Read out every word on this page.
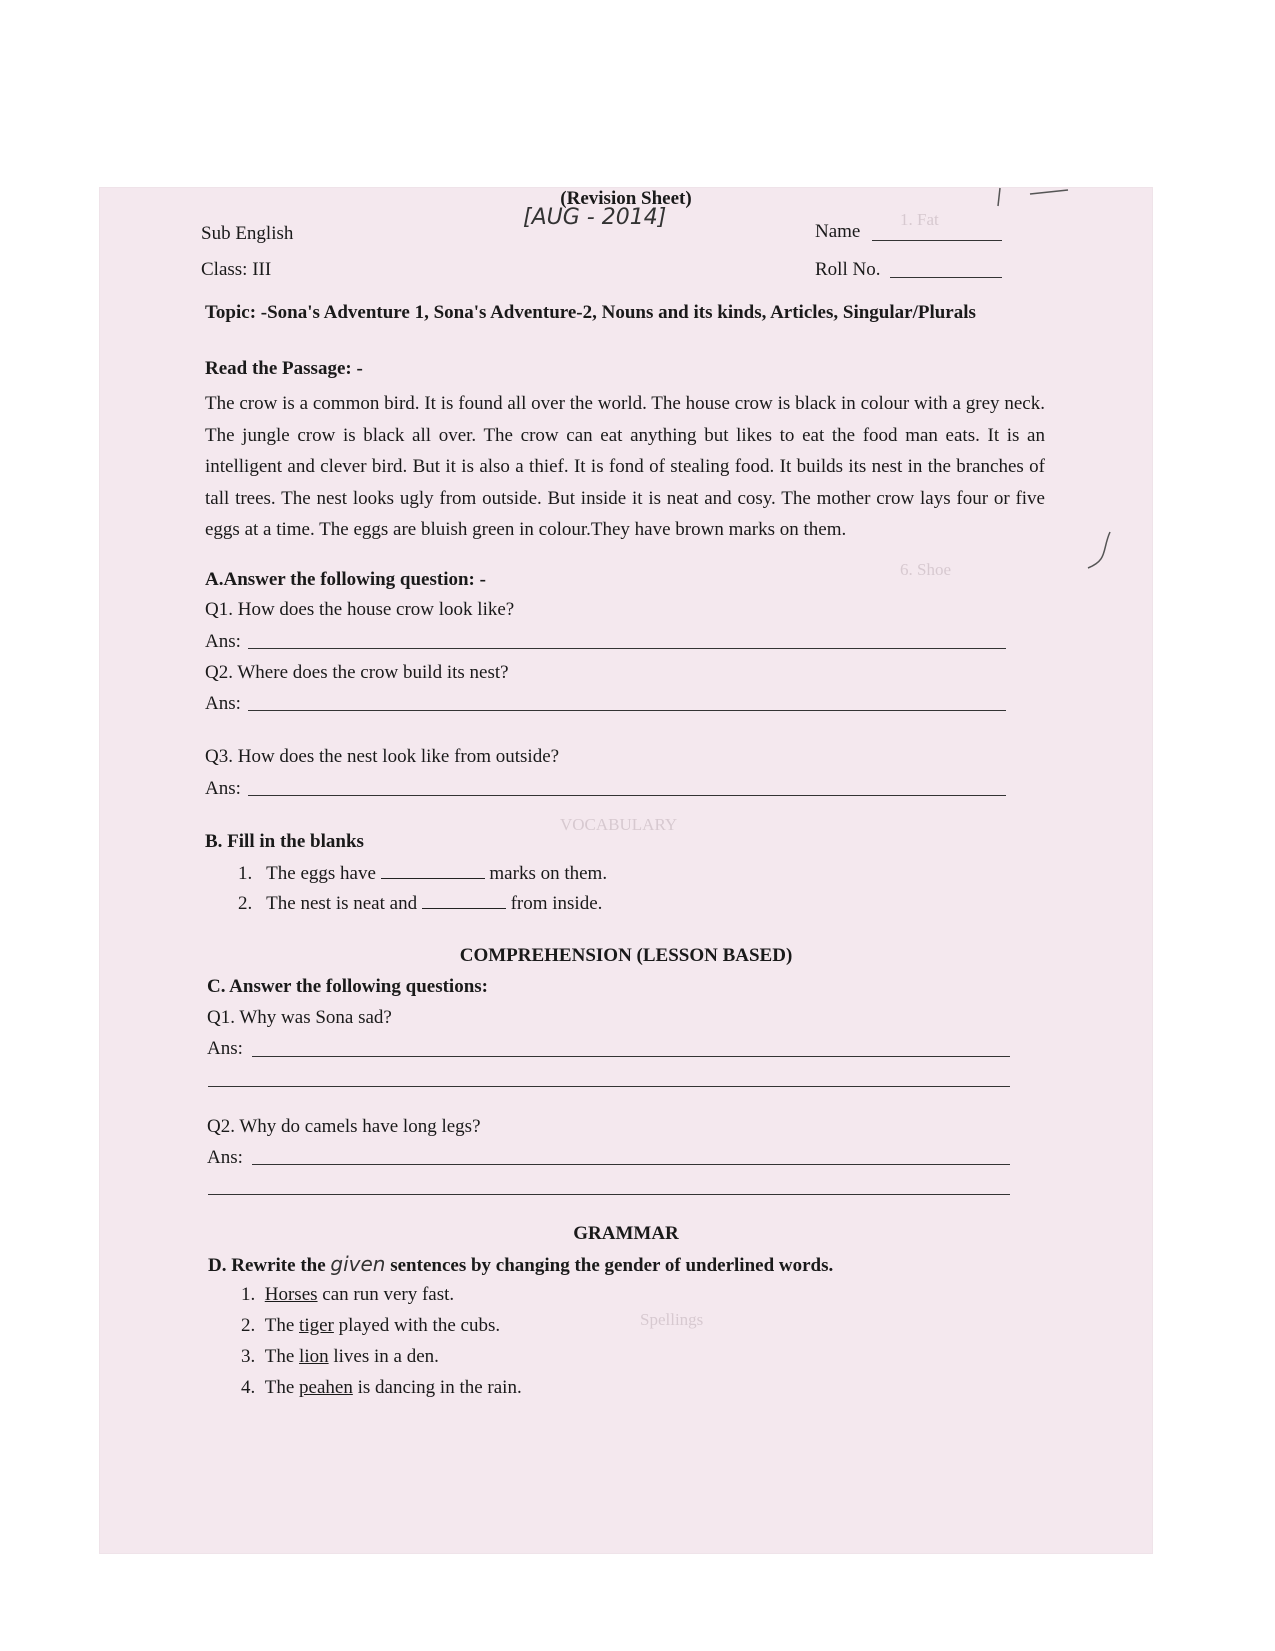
1. Fat
6. Shoe
VOCABULARY
Spellings
(Revision Sheet)
[AUG - 2014]
Sub English
Class: III
Name
Roll No.
Topic: -Sona's Adventure 1, Sona's Adventure-2, Nouns and its kinds, Articles, Singular/Plurals
Read the Passage: -
The crow is a common bird. It is found all over the world. The house crow is black in colour with a grey neck. The jungle crow is black all over. The crow can eat anything but likes to eat the food man eats. It is an intelligent and clever bird. But it is also a thief. It is fond of stealing food. It builds its nest in the branches of tall trees. The nest looks ugly from outside. But inside it is neat and cosy. The mother crow lays four or five eggs at a time. The eggs are bluish green in colour.They have brown marks on them.
A.Answer the following question: -
Q1. How does the house crow look like?
Ans:
Q2. Where does the crow build its nest?
Ans:
Q3. How does the nest look like from outside?
Ans:
B. Fill in the blanks
1. The eggs have	marks on them.
2. The nest is neat and	from inside.
COMPREHENSION (LESSON BASED)
C. Answer the following questions:
Q1. Why was Sona sad?
Ans:
Q2. Why do camels have long legs?
Ans:
GRAMMAR
D. Rewrite the given sentences by changing the gender of underlined words.
1. Horses can run very fast.
2. The tiger played with the cubs.
3. The lion lives in a den.
4. The peahen is dancing in the rain.
